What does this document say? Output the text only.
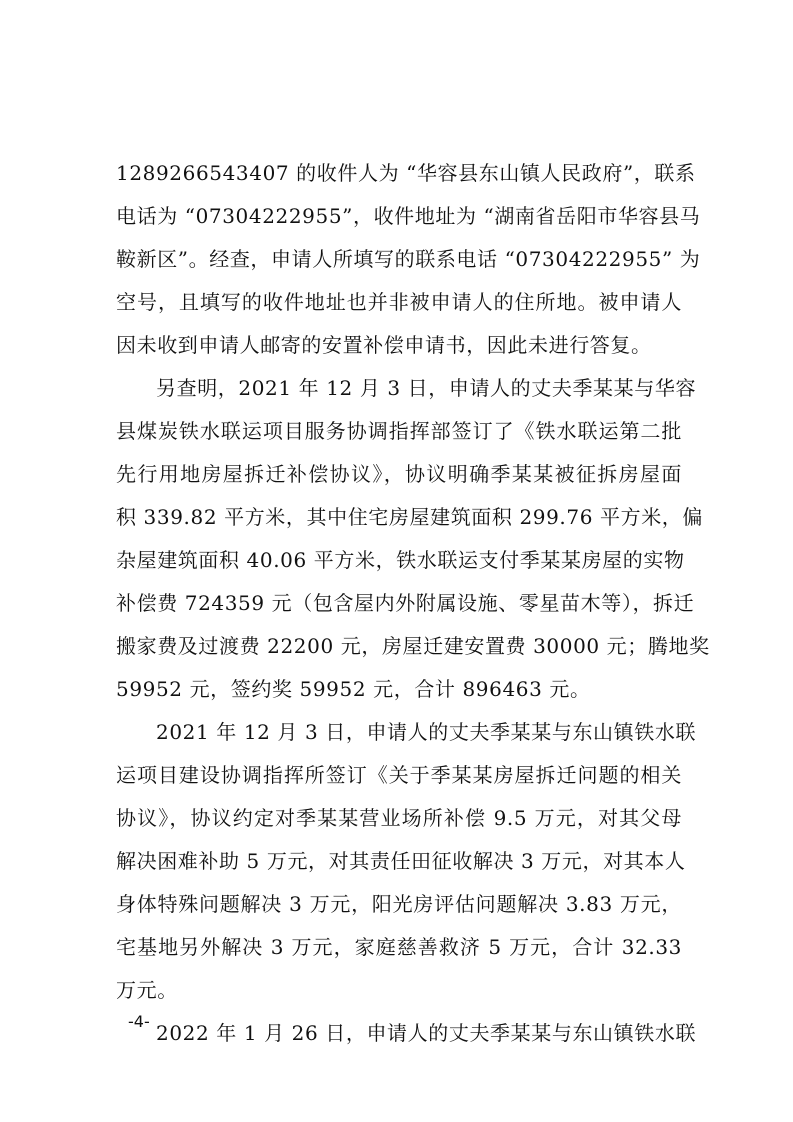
1289266543407 的收件人为 “华容县东山镇人民政府”，联系
电话为 “07304222955”，收件地址为 “湖南省岳阳市华容县马
鞍新区”。经查，申请人所填写的联系电话 “07304222955” 为
空号，且填写的收件地址也并非被申请人的住所地。被申请人
因未收到申请人邮寄的安置补偿申请书，因此未进行答复。
另查明，2021 年 12 月 3 日，申请人的丈夫季某某与华容
县煤炭铁水联运项目服务协调指挥部签订了《铁水联运第二批
先行用地房屋拆迁补偿协议》，协议明确季某某被征拆房屋面
积 339.82 平方米，其中住宅房屋建筑面积 299.76 平方米，偏
杂屋建筑面积 40.06 平方米，铁水联运支付季某某房屋的实物
补偿费 724359 元（包含屋内外附属设施、零星苗木等），拆迁
搬家费及过渡费 22200 元，房屋迁建安置费 30000 元；腾地奖
59952 元，签约奖 59952 元，合计 896463 元。
2021 年 12 月 3 日，申请人的丈夫季某某与东山镇铁水联
运项目建设协调指挥所签订《关于季某某房屋拆迁问题的相关
协议》，协议约定对季某某营业场所补偿 9.5 万元，对其父母
解决困难补助 5 万元，对其责任田征收解决 3 万元，对其本人
身体特殊问题解决 3 万元，阳光房评估问题解决 3.83 万元，
宅基地另外解决 3 万元，家庭慈善救济 5 万元，合计 32.33
万元。
2022 年 1 月 26 日，申请人的丈夫季某某与东山镇铁水联
-4-
